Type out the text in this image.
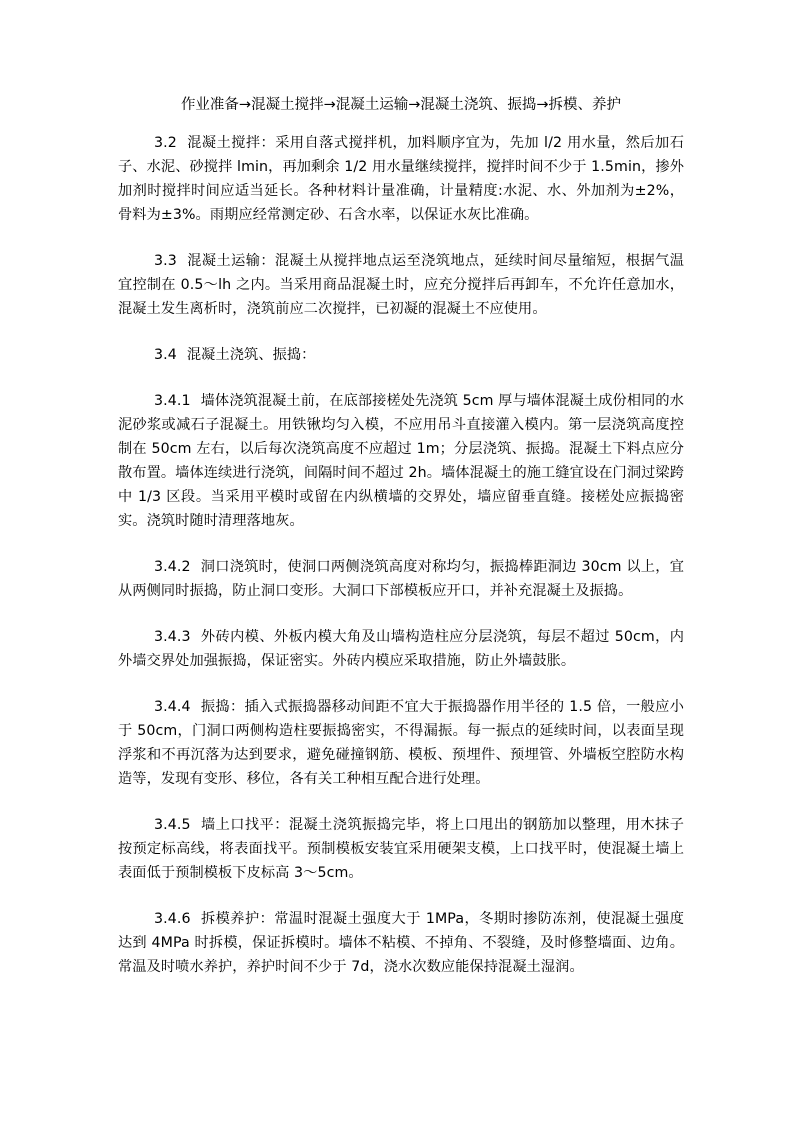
作业准备→混凝土搅拌→混凝土运输→混凝土浇筑、振捣→拆模、养护

3.2 混凝土搅拌：采用自落式搅拌机，加料顺序宜为，先加 l/2 用水量，然后加石子、水泥、砂搅拌 lmin，再加剩余 1/2 用水量继续搅拌，搅拌时间不少于 1.5min，掺外加剂时搅拌时间应适当延长。各种材料计量准确，计量精度:水泥、水、外加剂为±2%，骨料为±3%。雨期应经常测定砂、石含水率，以保证水灰比准确。

3.3 混凝土运输：混凝土从搅拌地点运至浇筑地点，延续时间尽量缩短，根据气温宜控制在 0.5～lh 之内。当采用商品混凝土时，应充分搅拌后再卸车，不允许任意加水，混凝土发生离析时，浇筑前应二次搅拌，已初凝的混凝土不应使用。

3.4 混凝土浇筑、振捣：

3.4.1 墙体浇筑混凝土前，在底部接槎处先浇筑 5cm 厚与墙体混凝土成份相同的水泥砂浆或减石子混凝土。用铁锹均匀入模，不应用吊斗直接灌入模内。第一层浇筑高度控制在 50cm 左右，以后每次浇筑高度不应超过 1m；分层浇筑、振捣。混凝土下料点应分散布置。墙体连续进行浇筑，间隔时间不超过 2h。墙体混凝土的施工缝宜设在门洞过梁跨中 1/3 区段。当采用平模时或留在内纵横墙的交界处，墙应留垂直缝。接槎处应振捣密实。浇筑时随时清理落地灰。

3.4.2 洞口浇筑时，使洞口两侧浇筑高度对称均匀，振捣棒距洞边 30cm 以上，宜从两侧同时振捣，防止洞口变形。大洞口下部模板应开口，并补充混凝土及振捣。

3.4.3 外砖内模、外板内模大角及山墙构造柱应分层浇筑，每层不超过 50cm，内外墙交界处加强振捣，保证密实。外砖内模应采取措施，防止外墙鼓胀。

3.4.4 振捣：插入式振捣器移动间距不宜大于振捣器作用半径的 1.5 倍，一般应小于 50cm，门洞口两侧构造柱要振捣密实，不得漏振。每一振点的延续时间，以表面呈现浮浆和不再沉落为达到要求，避免碰撞钢筋、模板、预埋件、预埋管、外墙板空腔防水构造等，发现有变形、移位，各有关工种相互配合进行处理。

3.4.5 墙上口找平：混凝土浇筑振捣完毕，将上口甩出的钢筋加以整理，用木抹子按预定标高线，将表面找平。预制模板安装宜采用硬架支模，上口找平时，使混凝土墙上表面低于预制模板下皮标高 3～5cm。

3.4.6 拆模养护：常温时混凝土强度大于 1MPa，冬期时掺防冻剂，使混凝土强度达到 4MPa 时拆模，保证拆模时。墙体不粘模、不掉角、不裂缝，及时修整墙面、边角。常温及时喷水养护，养护时间不少于 7d，浇水次数应能保持混凝土湿润。
